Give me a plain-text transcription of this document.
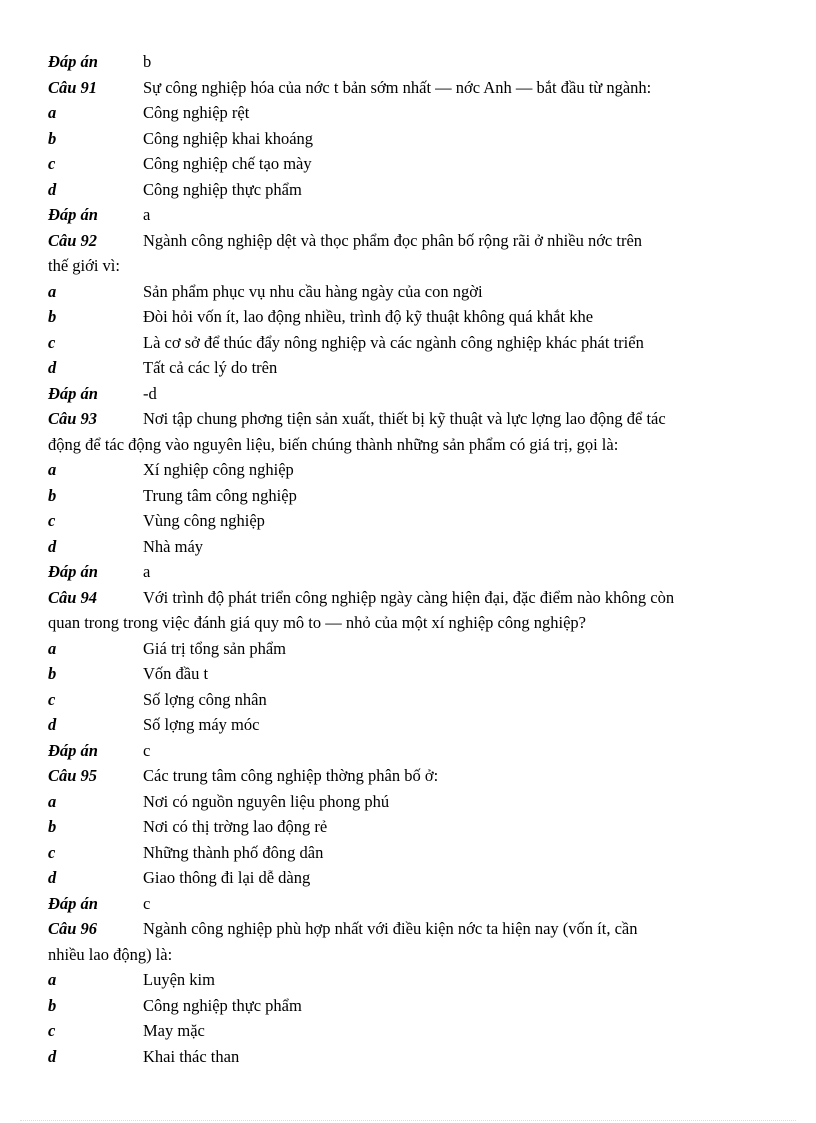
Đáp án	b
Câu 91	Sự công nghiệp hóa của nớc t bản sớm nhất — nớc Anh — bắt đầu từ ngành:
a	Công nghiệp rệt
b	Công nghiệp khai khoáng
c	Công nghiệp chế tạo mày
d	Công nghiệp thực phẩm
Đáp án	a
Câu 92	Ngành công nghiệp dệt và thọc phẩm đọc phân bố rộng rãi ở nhiều nớc trên
thế giới vì:
a	Sản phẩm phục vụ nhu cầu hàng ngày của con ngời
b	Đòi hỏi vốn ít, lao động nhiều, trình độ kỹ thuật không quá khắt khe
c	Là cơ sở để thúc đẩy nông nghiệp và các ngành công nghiệp khác phát triển
d	Tất cả các lý do trên
Đáp án	-d
Câu 93	Nơi tập chung phơng tiện sản xuất, thiết bị kỹ thuật và lực lợng lao động để tác
động để tác động vào nguyên liệu, biến chúng thành những sản phẩm có giá trị, gọi là:
a	Xí nghiệp công nghiệp
b	Trung tâm công nghiệp
c	Vùng công nghiệp
d	Nhà máy
Đáp án	a
Câu 94	Với trình độ phát triển công nghiệp ngày càng hiện đại, đặc điểm nào không còn
quan trong trong việc đánh giá quy mô to — nhỏ của một xí nghiệp công nghiệp?
a	Giá trị tổng sản phẩm
b	Vốn đầu t
c	Số lợng công nhân
d	Số lợng máy móc
Đáp án	c
Câu 95	Các trung tâm công nghiệp thờng phân bố ở:
a	Nơi có nguồn nguyên liệu phong phú
b	Nơi có thị trờng lao động rẻ
c	Những thành phố đông dân
d	Giao thông đi lại dễ dàng
Đáp án	c
Câu 96	Ngành công nghiệp phù hợp nhất với điều kiện nớc ta hiện nay (vốn ít, cần
nhiều lao động) là:
a	Luyện kim
b	Công nghiệp thực phẩm
c	May mặc
d	Khai thác than
